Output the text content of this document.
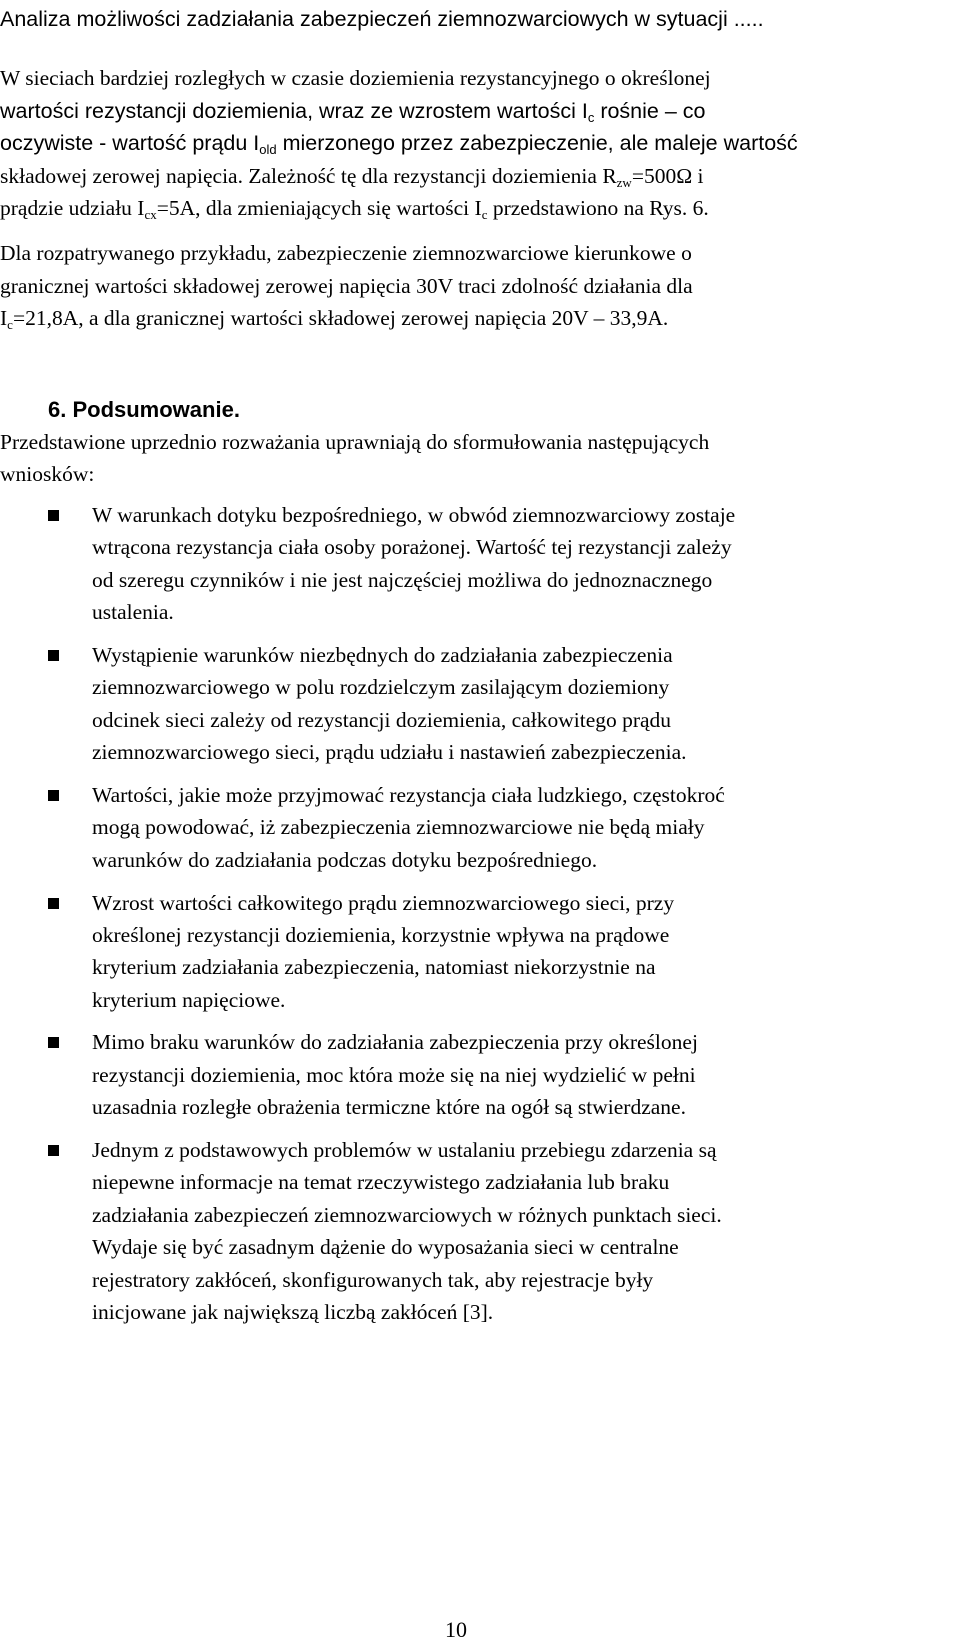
Analiza możliwości zadziałania zabezpieczeń ziemnozwarciowych w sytuacji .....
W sieciach bardziej rozległych w czasie doziemienia rezystancyjnego o określonej
wartości rezystancji doziemienia, wraz ze wzrostem wartości $I_c$ rośnie – co
oczywiste - wartość prądu $I_{old}$ mierzonego przez zabezpieczenie, ale maleje wartość
składowej zerowej napięcia. Zależność tę dla rezystancji doziemienia $R_{zw}=500\Omega$ i
prądzie udziału $I_{cx}=5A$, dla zmieniających się wartości $I_c$ przedstawiono na Rys. 6.
Dla rozpatrywanego przykładu, zabezpieczenie ziemnozwarciowe kierunkowe o
granicznej wartości składowej zerowej napięcia 30V traci zdolność działania dla
$I_c=21,8A$, a dla granicznej wartości składowej zerowej napięcia 20V – 33,9A.
6. Podsumowanie.
Przedstawione uprzednio rozważania uprawniają do sformułowania następujących
wniosków:
W warunkach dotyku bezpośredniego, w obwód ziemnozwarciowy zostaje
wtrącona rezystancja ciała osoby porażonej. Wartość tej rezystancji zależy
od szeregu czynników i nie jest najczęściej możliwa do jednoznacznego
ustalenia.
Wystąpienie warunków niezbędnych do zadziałania zabezpieczenia
ziemnozwarciowego w polu rozdzielczym zasilającym doziemiony
odcinek sieci zależy od rezystancji doziemienia, całkowitego prądu
ziemnozwarciowego sieci, prądu udziału i nastawień zabezpieczenia.
Wartości, jakie może przyjmować rezystancja ciała ludzkiego, częstokroć
mogą powodować, iż zabezpieczenia ziemnozwarciowe nie będą miały
warunków do zadziałania podczas dotyku bezpośredniego.
Wzrost wartości całkowitego prądu ziemnozwarciowego sieci, przy
określonej rezystancji doziemienia, korzystnie wpływa na prądowe
kryterium zadziałania zabezpieczenia, natomiast niekorzystnie na
kryterium napięciowe.
Mimo braku warunków do zadziałania zabezpieczenia przy określonej
rezystancji doziemienia, moc która może się na niej wydzielić w pełni
uzasadnia rozległe obrażenia termiczne które na ogół są stwierdzane.
Jednym z podstawowych problemów w ustalaniu przebiegu zdarzenia są
niepewne informacje na temat rzeczywistego zadziałania lub braku
zadziałania zabezpieczeń ziemnozwarciowych w różnych punktach sieci.
Wydaje się być zasadnym dążenie do wyposażania sieci w centralne
rejestratory zakłóceń, skonfigurowanych tak, aby rejestracje były
inicjowane jak największą liczbą zakłóceń [3].
10
